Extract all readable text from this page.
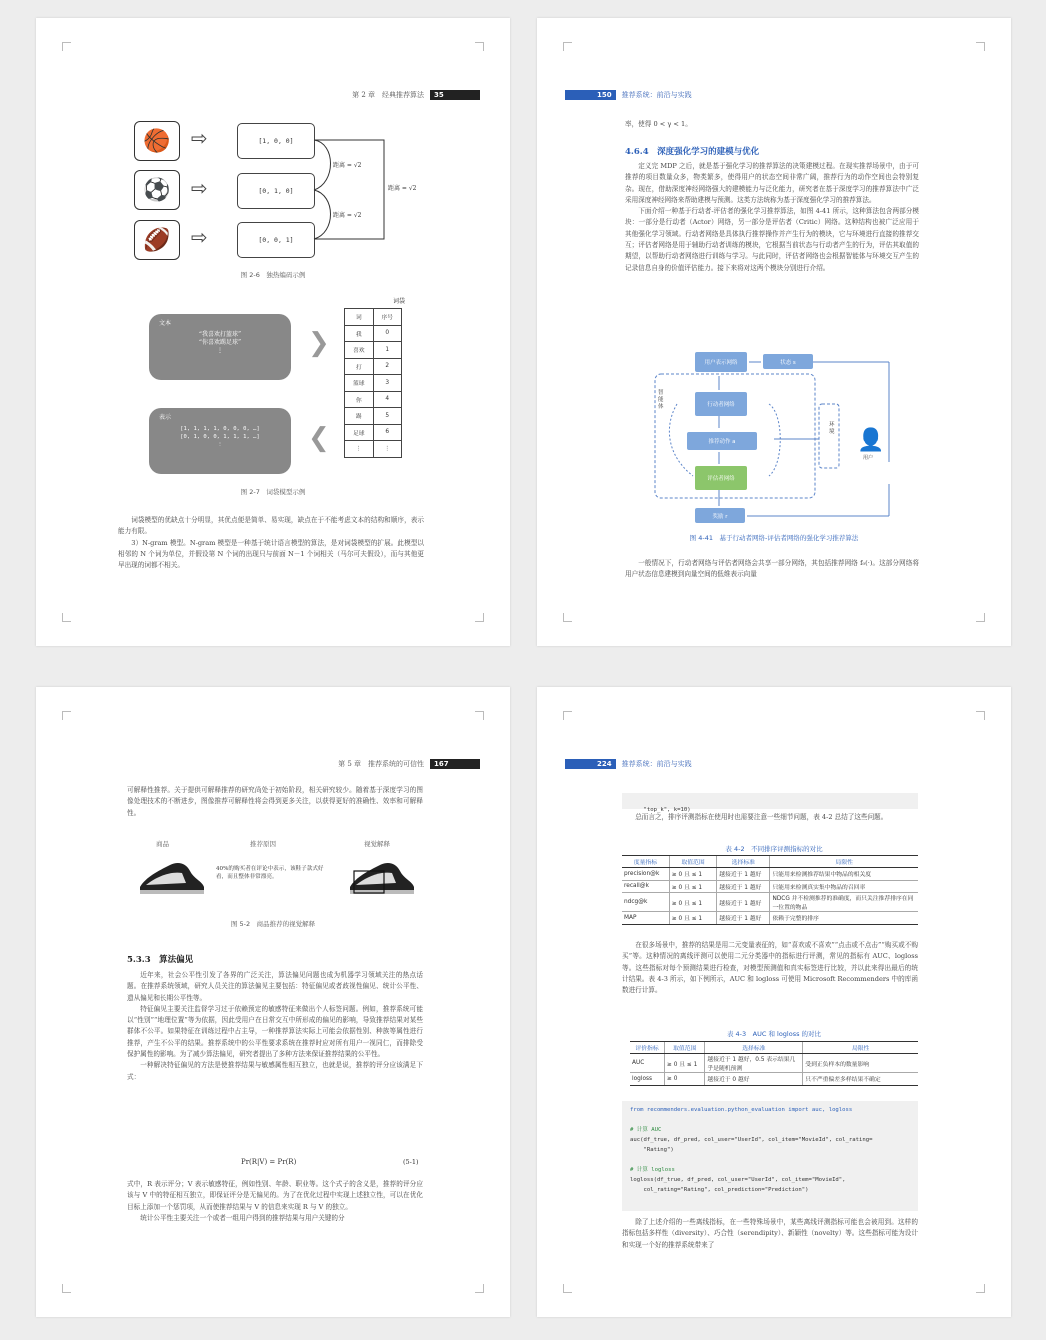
第 2 章　经典推荐算法	35
🏀
⚽
🏈
⇨
⇨
⇨
[1, 0, 0]
[0, 1, 0]
[0, 0, 1]
距离 = √2
距离 = √2
距离 = √2
图 2-6　独热编码示例
文本
“我喜欢打篮球”
“你喜欢踢足球”
⋮
表示
[1, 1, 1, 1, 0, 0, 0, …]
[0, 1, 0, 0, 1, 1, 1, …]
⋮
❯
❮
词袋
词	序号
我	0
喜欢	1
打	2
篮球	3
你	4
踢	5
足球	6
⋮	⋮
图 2-7　词袋模型示例

词袋模型的优缺点十分明显，其优点便是简单、易实现，缺点在于不能考虑文本的结构和顺序，表示能力有限。

3）N-gram 模型。N-gram 模型是一种基于统计语言模型的算法，是对词袋模型的扩展。此模型以相邻的 N 个词为单位，并假设第 N 个词的出现只与前面 N－1 个词相关（马尔可夫假设），而与其他更早出现的词都不相关。

150	推荐系统：前沿与实践
率，使得 0 < γ < 1。
4.6.4　深度强化学习的建模与优化

定义完 MDP 之后，就是基于强化学习的推荐算法的决策建模过程。在现实推荐场景中，由于可推荐的项目数量众多，物类繁多，使得用户的状态空间非常广阔，推荐行为的动作空间也会特别复杂。现在，借助深度神经网络强大的建模能力与泛化能力，研究者在基于深度学习的推荐算法中广泛采用深度神经网络来帮助建模与预测。这类方法统称为基于深度强化学习的推荐算法。

下面介绍一种基于行动者-评估者的强化学习推荐算法，如图 4-41 所示，这种算法包含两部分模块：一部分是行动者（Actor）网络，另一部分是评估者（Critic）网络。这种结构也被广泛应用于其他强化学习领域。行动者网络是具体执行推荐操作并产生行为的模块，它与环境进行直接的推荐交互；评估者网络是用于辅助行动者训练的模块，它根据当前状态与行动者产生的行为，评估其取值的期望，以帮助行动者网络进行训练与学习。与此同时，评估者网络也会根据智能体与环境交互产生的记录信息自身的价值评估能力。接下来将对这两个模块分别进行介绍。

用户表示网络	状态 s
行动者网络
推荐动作 a
评估者网络
奖励 r
👤
用户
智能体
环境
图 4-41　基于行动者网络-评估者网络的强化学习推荐算法

一般情况下，行动者网络与评估者网络会共享一部分网络，其包括推荐网络 f₀(·)。这部分网络将用户状态信息建模到向量空间的低维表示向量

第 5 章　推荐系统的可信性	167

可解释性推荐。关于提供可解释推荐的研究尚处于初始阶段，相关研究较少。随着基于深度学习的图像处理技术的不断进步，图像推荐可解释性将会得到更多关注，以获得更好的准确性、效率和可解释性。

商品	推荐原因	视觉解释
40%的购买者在评论中表示，该鞋子款式好看，而且整体非常漂亮。
图 5-2　商品推荐的视觉解释
5.3.3　算法偏见

近年来，社会公平性引发了各界的广泛关注，算法偏见问题也成为机器学习领域关注的热点话题。在推荐系统领域，研究人员关注的算法偏见主要包括：特征偏见或者歧视性偏见、统计公平性、遗从偏见和长期公平性等。

特征偏见主要关注监督学习过于依赖预定的敏感特征来做出个人标签问题。例如，推荐系统可能以“性别”“地理位置”等为依据，因此受用户在日常交互中所形成的偏见的影响，导致推荐结果对某些群体不公平。如果特征在训练过程中占主导，一种推荐算法实际上可能会依据性别、种族等属性进行推荐，产生不公平的结果。推荐系统中的公平性要求系统在推荐时应对所有用户一视同仁，而排除受保护属性的影响。为了减少算法偏见，研究者提出了多种方法来保证推荐结果的公平性。

一种解决特征偏见的方法是使推荐结果与敏感属性相互独立，也就是说，推荐的评分应该满足下式：

Pr(R|V) = Pr(R)	(5-1)

式中，R 表示评分；V 表示敏感特征，例如性别、年龄、职业等。这个式子的含义是，推荐的评分应该与 V 中的特征相互独立，即保证评分是无偏见的。为了在优化过程中实现上述独立性，可以在优化目标上添加一个惩罚项，从而使推荐结果与 V 的信息来实现 R 与 V 的独立。

统计公平性主要关注一个或者一组用户得到的推荐结果与用户关键的分

224	推荐系统：前沿与实践

"top_k", k=10)

总而言之，排序评测指标在使用时也需要注意一些细节问题，表 4-2 总结了这些问题。

表 4-2　不同排序评测指标的对比
度量指标	取值范围	选择标准	局限性
precision@k	≥ 0 且 ≤ 1	越接近于 1 越好	只能用来检测推荐结果中物品的相关度
recall@k	≥ 0 且 ≤ 1	越接近于 1 越好	只能用来检测真实集中物品的召回率
ndcg@k	≥ 0 且 ≤ 1	越接近于 1 越好	NDCG 并不检测推荐的准确度，而只关注推荐排序在同一位置的物品
MAP	≥ 0 且 ≤ 1	越接近于 1 越好	依赖于完整的排序

在很多场景中，推荐的结果是用二元变量表征的，如“喜欢或不喜欢”“点击或不点击”“购买或不购买”等。这种情况的离线评测可以使用二元分类器中的指标进行评测，常见的指标有 AUC、logloss 等。这些指标对每个预测结果进行检查，对模型预测值和真实标签进行比较，并以此来得出最后的统计结果。表 4-3 所示，如下例所示，AUC 和 logloss 可使用 Microsoft Recommenders 中的库函数进行计算。

表 4-3　AUC 和 logloss 的对比
评价指标	取值范围	选择标准	局限性
AUC	≥ 0 且 ≤ 1	越接近于 1 越好，0.5 表示结果几乎是随机预测	受到正负样本的数量影响
logloss	≥ 0	越接近于 0 越好	只不严重偏差多样结果不确定
from recommenders.evaluation.python_evaluation import auc, logloss
# 计算 AUC
auc(df_true, df_pred, col_user="UserId", col_item="MovieId", col_rating=
"Rating")
# 计算 logloss
logloss(df_true, df_pred, col_user="UserId", col_item="MovieId",
col_rating="Rating", col_prediction="Prediction")

除了上述介绍的一些离线指标，在一些特殊场景中，某些离线评测指标可能也会被用到。这样的指标包括多样性（diversity）、巧合性（serendipity）、新颖性（novelty）等。这些指标可能为设计和实现一个好的推荐系统带来了
